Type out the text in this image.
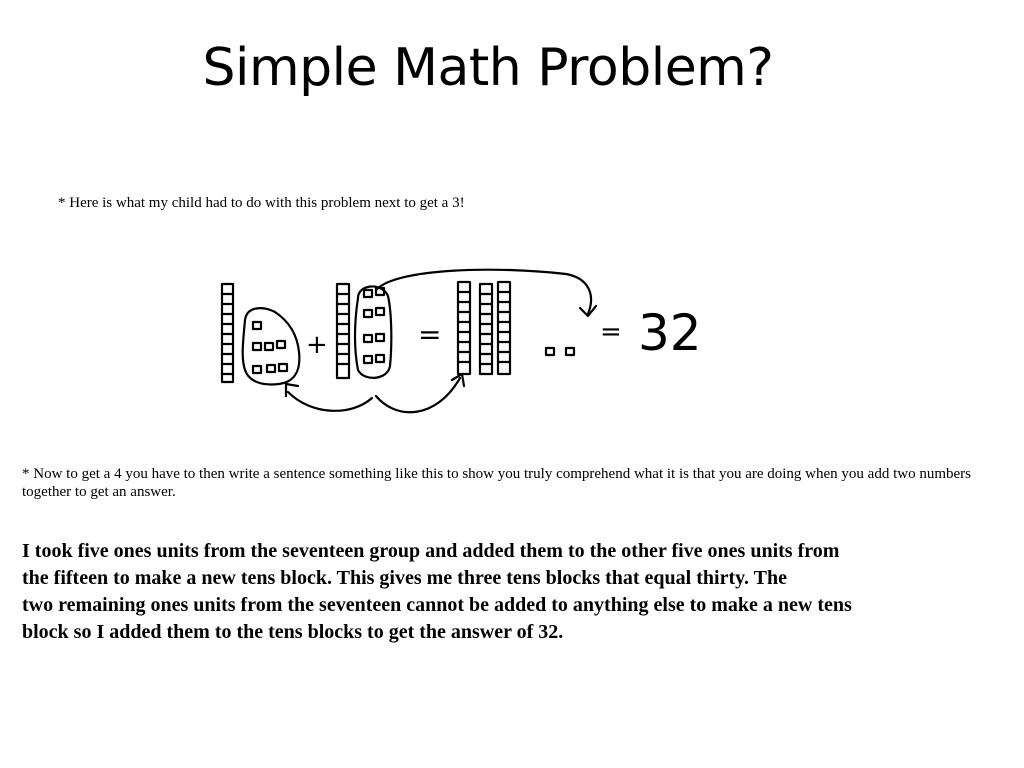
Simple Math Problem?

* Here is what my child had to do with this problem next to get a 3!

+	=	= 32

* Now to get a 4 you have to then write a sentence something like this to show you truly comprehend what it is that you are doing when you add two numbers together to get an answer.

I took five ones units from the seventeen group and added them to the other five ones units from
the fifteen to make a new tens block. This gives me three tens blocks that equal thirty. The
two remaining ones units from the seventeen cannot be added to anything else to make a new tens
block so I added them to the tens blocks to get the answer of 32.
